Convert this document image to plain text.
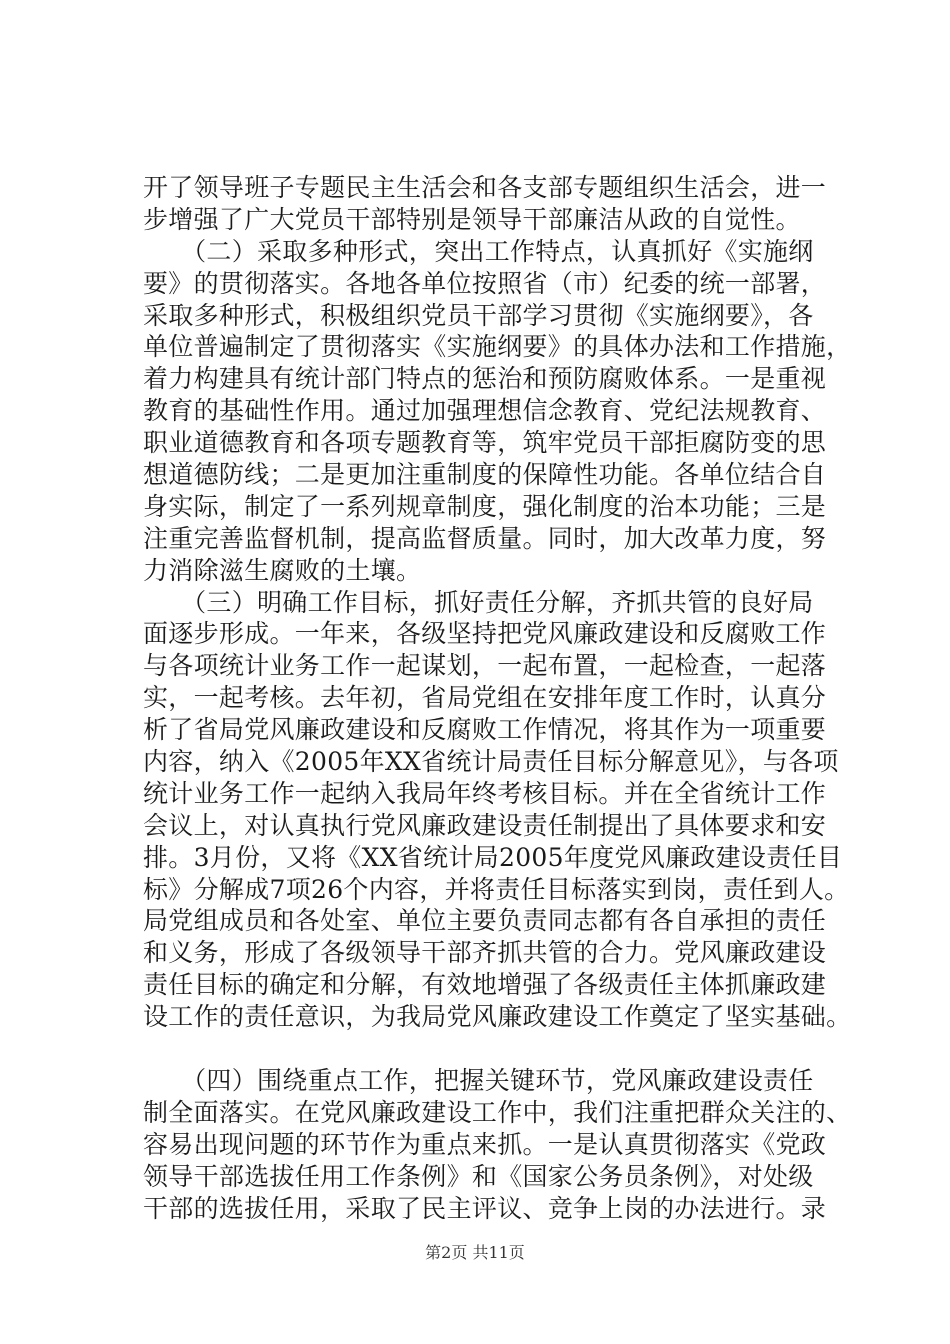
开了领导班子专题民主生活会和各支部专题组织生活会，进一
步增强了广大党员干部特别是领导干部廉洁从政的自觉性。
　　（二）采取多种形式，突出工作特点，认真抓好《实施纲
要》的贯彻落实。各地各单位按照省（市）纪委的统一部署，
采取多种形式，积极组织党员干部学习贯彻《实施纲要》，各
单位普遍制定了贯彻落实《实施纲要》的具体办法和工作措施，
着力构建具有统计部门特点的惩治和预防腐败体系。一是重视
教育的基础性作用。通过加强理想信念教育、党纪法规教育、
职业道德教育和各项专题教育等，筑牢党员干部拒腐防变的思
想道德防线；二是更加注重制度的保障性功能。各单位结合自
身实际，制定了一系列规章制度，强化制度的治本功能；三是
注重完善监督机制，提高监督质量。同时，加大改革力度，努
力消除滋生腐败的土壤。
　　（三）明确工作目标，抓好责任分解，齐抓共管的良好局
面逐步形成。一年来，各级坚持把党风廉政建设和反腐败工作
与各项统计业务工作一起谋划，一起布置，一起检查，一起落
实，一起考核。去年初，省局党组在安排年度工作时，认真分
析了省局党风廉政建设和反腐败工作情况，将其作为一项重要
内容，纳入《2005年XX省统计局责任目标分解意见》，与各项
统计业务工作一起纳入我局年终考核目标。并在全省统计工作
会议上，对认真执行党风廉政建设责任制提出了具体要求和安
排。3月份，又将《XX省统计局2005年度党风廉政建设责任目
标》分解成7项26个内容，并将责任目标落实到岗，责任到人。
局党组成员和各处室、单位主要负责同志都有各自承担的责任
和义务，形成了各级领导干部齐抓共管的合力。党风廉政建设
责任目标的确定和分解，有效地增强了各级责任主体抓廉政建
设工作的责任意识，为我局党风廉政建设工作奠定了坚实基础。
　　（四）围绕重点工作，把握关键环节，党风廉政建设责任
制全面落实。在党风廉政建设工作中，我们注重把群众关注的、
容易出现问题的环节作为重点来抓。一是认真贯彻落实《党政
领导干部选拔任用工作条例》和《国家公务员条例》，对处级
干部的选拔任用，采取了民主评议、竞争上岗的办法进行。录
第2页 共11页
